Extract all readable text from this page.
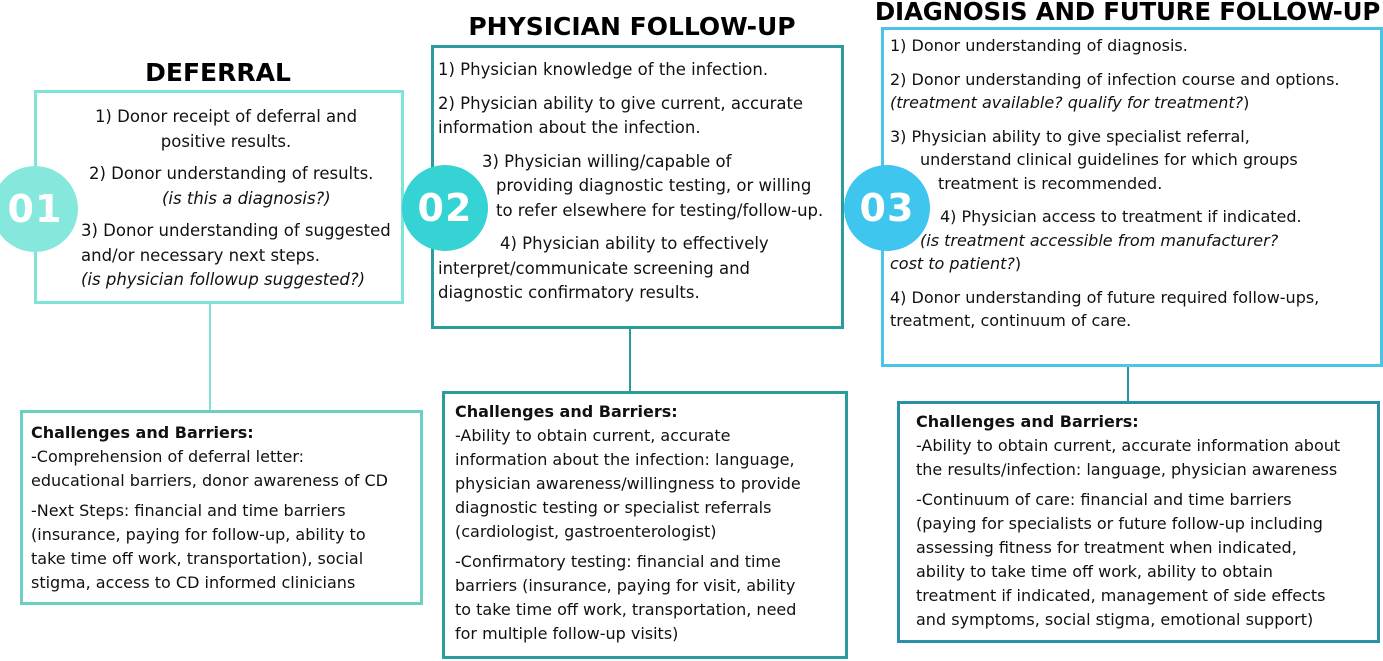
DEFERRAL

1) Donor receipt of deferral and

positive results.

2) Donor understanding of results.

(is this a diagnosis?)

3) Donor understanding of suggested

and/or necessary next steps.

(is physician followup suggested?)

01

Challenges and Barriers:

-Comprehension of deferral letter:

educational barriers, donor awareness of CD

-Next Steps: financial and time barriers

(insurance, paying for follow-up, ability to

take time off work, transportation), social

stigma, access to CD informed clinicians

PHYSICIAN FOLLOW-UP

1) Physician knowledge of the infection.

2) Physician ability to give current, accurate

information about the infection.

3) Physician willing/capable of

providing diagnostic testing, or willing

to refer elsewhere for testing/follow-up.

4) Physician ability to effectively

interpret/communicate screening and

diagnostic confirmatory results.

02

Challenges and Barriers:

-Ability to obtain current, accurate

information about the infection: language,

physician awareness/willingness to provide

diagnostic testing or specialist referrals

(cardiologist, gastroenterologist)

-Confirmatory testing: financial and time

barriers (insurance, paying for visit, ability

to take time off work, transportation, need

for multiple follow-up visits)

DIAGNOSIS AND FUTURE FOLLOW-UP

1) Donor understanding of diagnosis.

2) Donor understanding of infection course and options.

(treatment available? qualify for treatment?)

3) Physician ability to give specialist referral,

understand clinical guidelines for which groups

treatment is recommended.

4) Physician access to treatment if indicated.

(is treatment accessible from manufacturer?

cost to patient?)

4) Donor understanding of future required follow-ups,

treatment, continuum of care.

03

Challenges and Barriers:

-Ability to obtain current, accurate information about

the results/infection: language, physician awareness

-Continuum of care: financial and time barriers

(paying for specialists or future follow-up including

assessing fitness for treatment when indicated,

ability to take time off work, ability to obtain

treatment if indicated, management of side effects

and symptoms, social stigma, emotional support)
